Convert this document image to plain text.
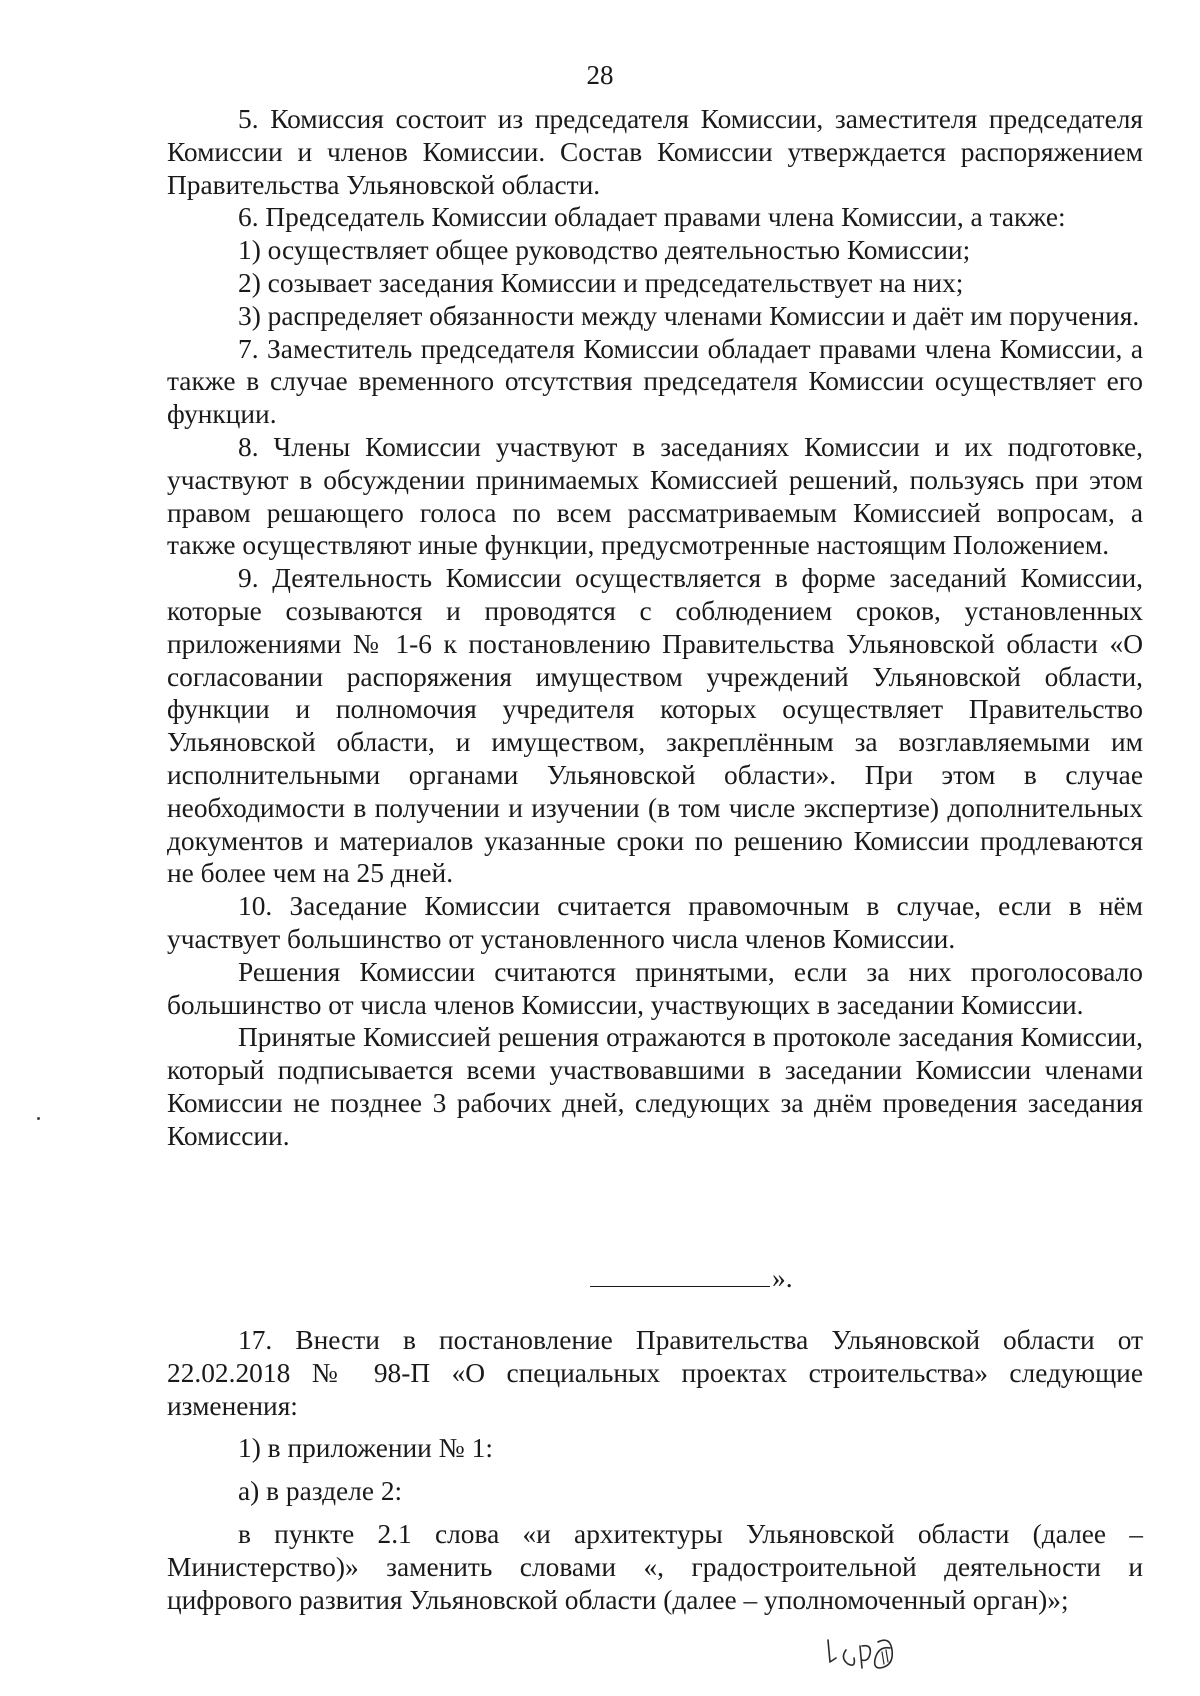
28

5. Комиссия состоит из председателя Комиссии, заместителя председателя Комиссии и членов Комиссии. Состав Комиссии утверждается распоряжением Правительства Ульяновской области.

6. Председатель Комиссии обладает правами члена Комиссии, а также:

1) осуществляет общее руководство деятельностью Комиссии;

2) созывает заседания Комиссии и председательствует на них;

3) распределяет обязанности между членами Комиссии и даёт им поручения.

7. Заместитель председателя Комиссии обладает правами члена Комиссии, а также в случае временного отсутствия председателя Комиссии осуществляет его функции.

8. Члены Комиссии участвуют в заседаниях Комиссии и их подготовке, участвуют в обсуждении принимаемых Комиссией решений, пользуясь при этом правом решающего голоса по всем рассматриваемым Комиссией вопросам, а также осуществляют иные функции, предусмотренные настоящим Положением.

9. Деятельность Комиссии осуществляется в форме заседаний Комиссии, которые созываются и проводятся с соблюдением сроков, установленных приложениями № 1-6 к постановлению Правительства Ульяновской области «О согласовании распоряжения имуществом учреждений Ульяновской области, функции и полномочия учредителя которых осуществляет Правительство Ульяновской области, и имуществом, закреплённым за возглавляемыми им исполнительными органами Ульяновской области». При этом в случае необходимости в получении и изучении (в том числе экспертизе) дополнительных документов и материалов указанные сроки по решению Комиссии продлеваются не более чем на 25 дней.

10. Заседание Комиссии считается правомочным в случае, если в нём участвует большинство от установленного числа членов Комиссии.

Решения Комиссии считаются принятыми, если за них проголосовало большинство от числа членов Комиссии, участвующих в заседании Комиссии.

Принятые Комиссией решения отражаются в протоколе заседания Комиссии, который подписывается всеми участвовавшими в заседании Комиссии членами Комиссии не позднее 3 рабочих дней, следующих за днём проведения заседания Комиссии.

».

17. Внести в постановление Правительства Ульяновской области от 22.02.2018 № 98-П «О специальных проектах строительства» следующие изменения:

1) в приложении № 1:

а) в разделе 2:

в пункте 2.1 слова «и архитектуры Ульяновской области (далее – Министерство)» заменить словами «, градостроительной деятельности и цифрового развития Ульяновской области (далее – уполномоченный орган)»;
